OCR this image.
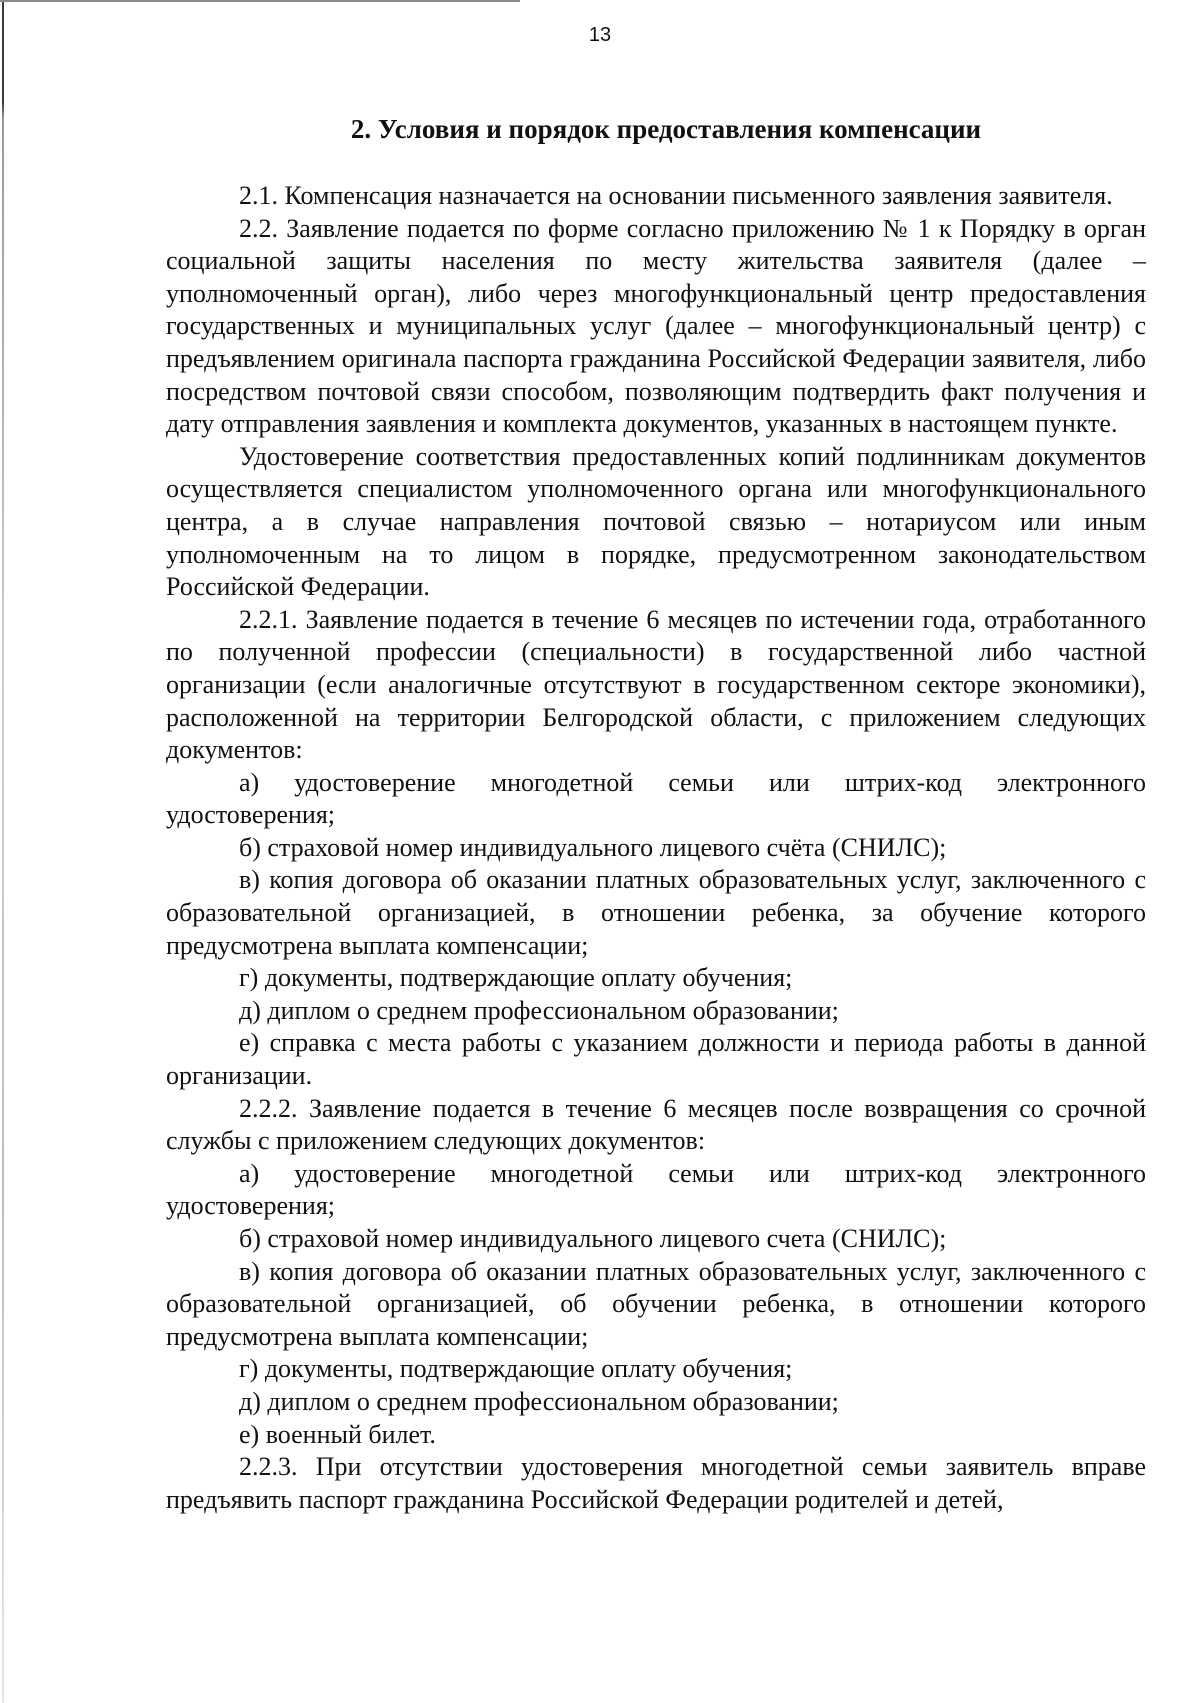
13
2. Условия и порядок предоставления компенсации

2.1. Компенсация назначается на основании письменного заявления заявителя.

2.2. Заявление подается по форме согласно приложению № 1 к Порядку в орган социальной защиты населения по месту жительства заявителя (далее – уполномоченный орган), либо через многофункциональный центр предоставления государственных и муниципальных услуг (далее – многофункциональный центр) с предъявлением оригинала паспорта гражданина Российской Федерации заявителя, либо посредством почтовой связи способом, позволяющим подтвердить факт получения и дату отправления заявления и комплекта документов, указанных в настоящем пункте.

Удостоверение соответствия предоставленных копий подлинникам документов осуществляется специалистом уполномоченного органа или многофункционального центра, а в случае направления почтовой связью – нотариусом или иным уполномоченным на то лицом в порядке, предусмотренном законодательством Российской Федерации.

2.2.1. Заявление подается в течение 6 месяцев по истечении года, отработанного по полученной профессии (специальности) в государственной либо частной организации (если аналогичные отсутствуют в государственном секторе экономики), расположенной на территории Белгородской области, с приложением следующих документов:

а) удостоверение многодетной семьи или штрих-код электронного удостоверения;

б) страховой номер индивидуального лицевого счёта (СНИЛС);

в) копия договора об оказании платных образовательных услуг, заключенного с образовательной организацией, в отношении ребенка, за обучение которого предусмотрена выплата компенсации;

г) документы, подтверждающие оплату обучения;

д) диплом о среднем профессиональном образовании;

е) справка с места работы с указанием должности и периода работы в данной организации.

2.2.2. Заявление подается в течение 6 месяцев после возвращения со срочной службы с приложением следующих документов:

а) удостоверение многодетной семьи или штрих-код электронного удостоверения;

б) страховой номер индивидуального лицевого счета (СНИЛС);

в) копия договора об оказании платных образовательных услуг, заключенного с образовательной организацией, об обучении ребенка, в отношении которого предусмотрена выплата компенсации;

г) документы, подтверждающие оплату обучения;

д) диплом о среднем профессиональном образовании;

е) военный билет.

2.2.3. При отсутствии удостоверения многодетной семьи заявитель вправе предъявить паспорт гражданина Российской Федерации родителей и детей,
